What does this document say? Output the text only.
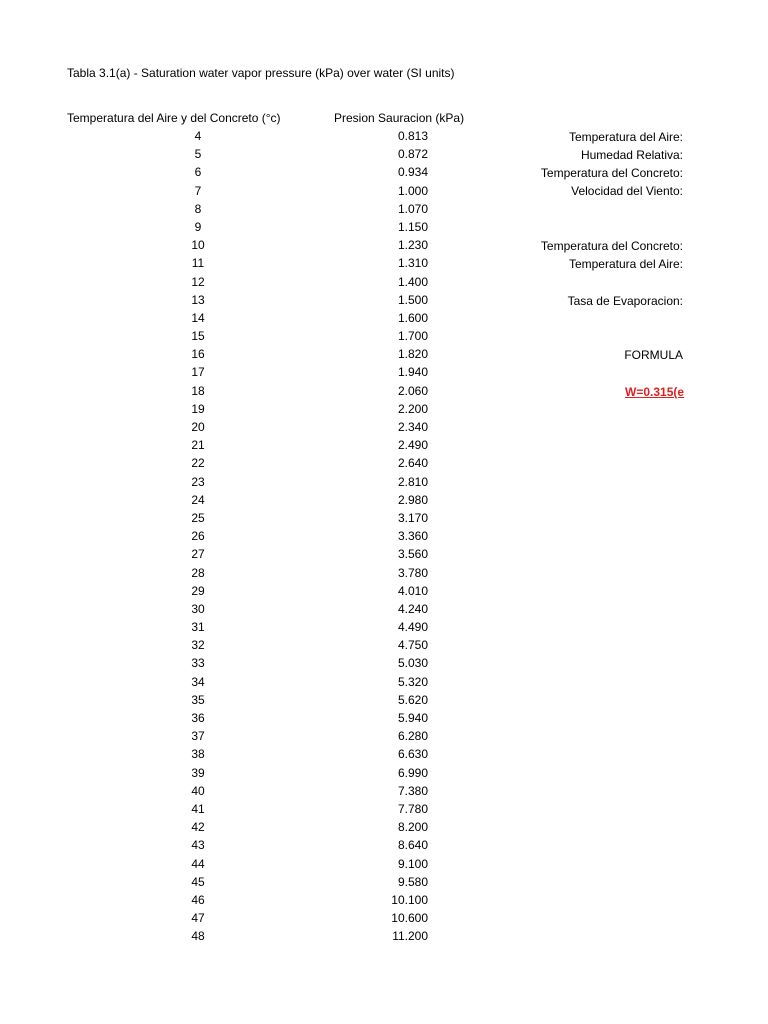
Tabla 3.1(a) - Saturation water vapor pressure (kPa) over water (SI units)
Temperatura del Aire y del Concreto (°c)	Presion Sauracion (kPa)
4	0.813
5	0.872
6	0.934
7	1.000
8	1.070
9	1.150
10	1.230
11	1.310
12	1.400
13	1.500
14	1.600
15	1.700
16	1.820
17	1.940
18	2.060
19	2.200
20	2.340
21	2.490
22	2.640
23	2.810
24	2.980
25	3.170
26	3.360
27	3.560
28	3.780
29	4.010
30	4.240
31	4.490
32	4.750
33	5.030
34	5.320
35	5.620
36	5.940
37	6.280
38	6.630
39	6.990
40	7.380
41	7.780
42	8.200
43	8.640
44	9.100
45	9.580
46	10.100
47	10.600
48	11.200
Temperatura del Aire:
Humedad Relativa:
Temperatura del Concreto:
Velocidad del Viento:
Temperatura del Concreto:
Temperatura del Aire:
Tasa de Evaporacion:
FORMULA
W=0.315(e
